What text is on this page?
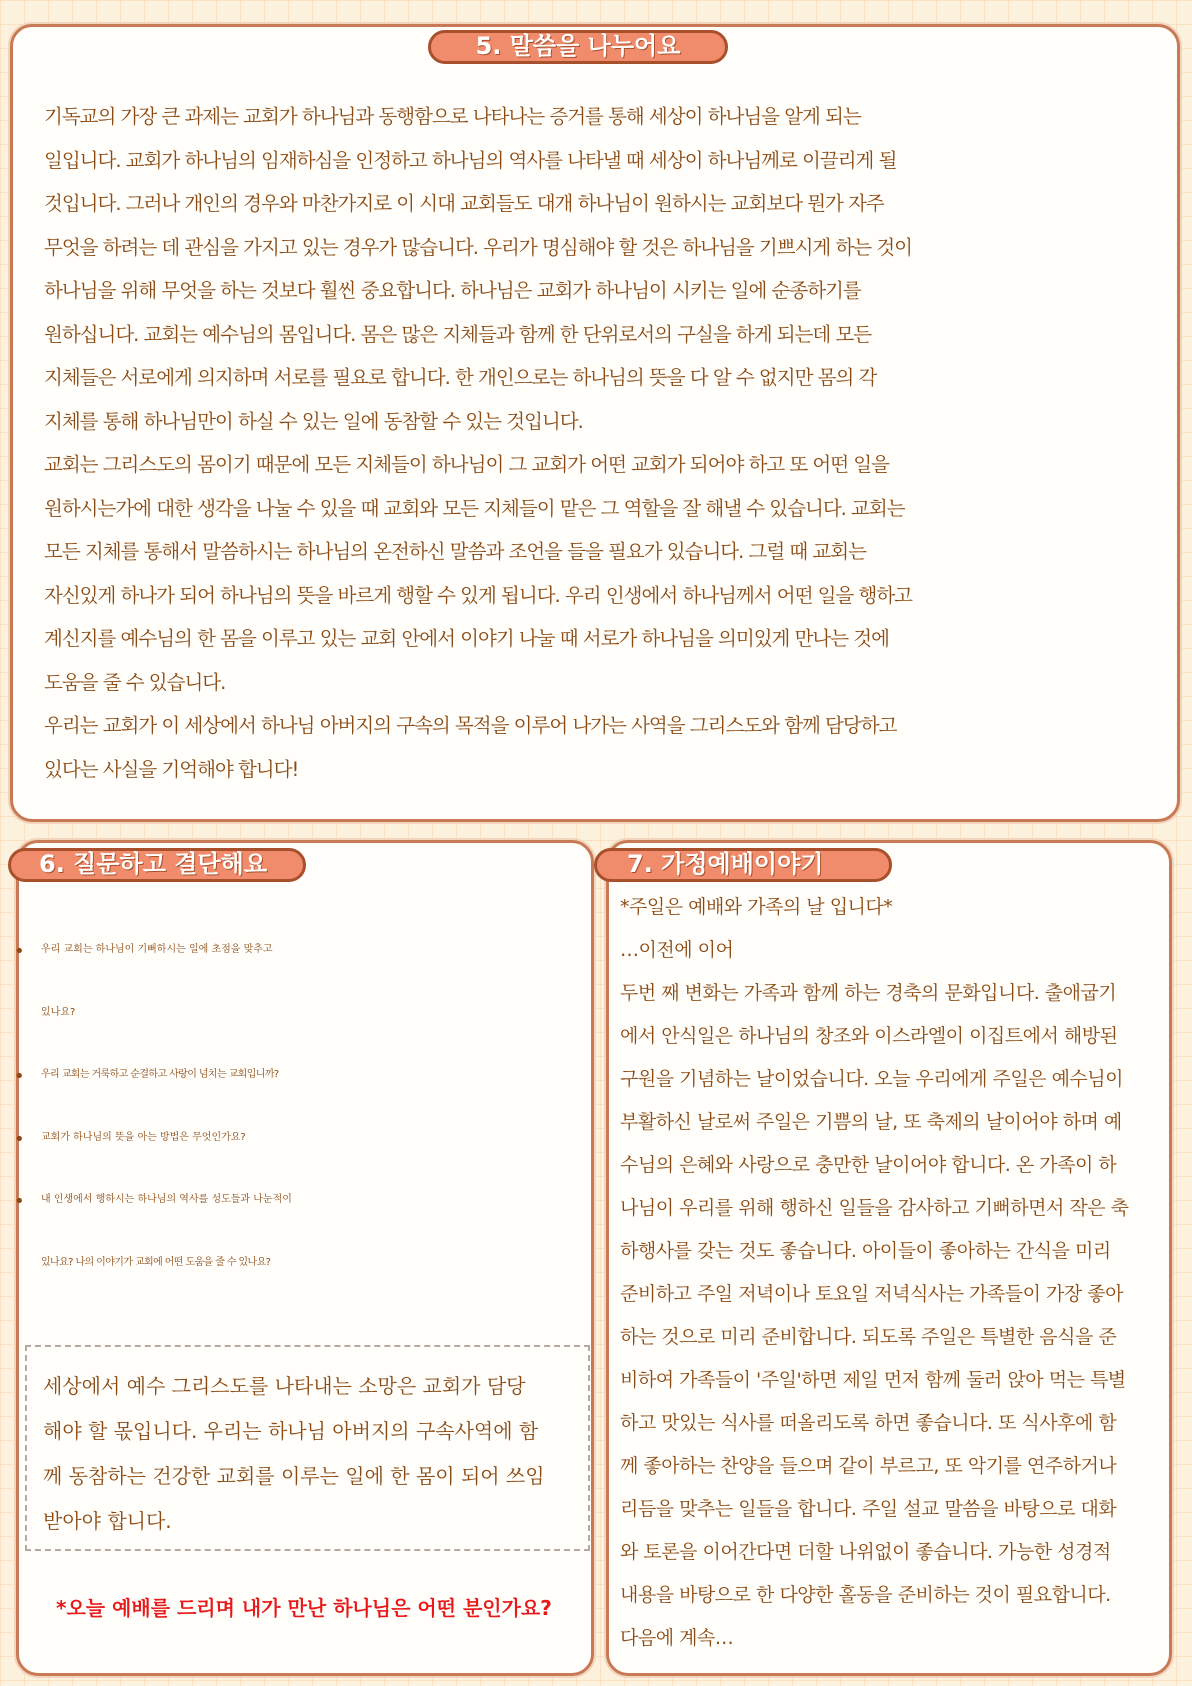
5. 말씀을 나누어요
기독교의 가장 큰 과제는 교회가 하나님과 동행함으로 나타나는 증거를 통해 세상이 하나님을 알게 되는
일입니다. 교회가 하나님의 임재하심을 인정하고 하나님의 역사를 나타낼 때 세상이 하나님께로 이끌리게 될
것입니다. 그러나 개인의 경우와 마찬가지로 이 시대 교회들도 대개 하나님이 원하시는 교회보다 뭔가 자주
무엇을 하려는 데 관심을 가지고 있는 경우가 많습니다. 우리가 명심해야 할 것은 하나님을 기쁘시게 하는 것이
하나님을 위해 무엇을 하는 것보다 훨씬 중요합니다. 하나님은 교회가 하나님이 시키는 일에 순종하기를
원하십니다. 교회는 예수님의 몸입니다. 몸은 많은 지체들과 함께 한 단위로서의 구실을 하게 되는데 모든
지체들은 서로에게 의지하며 서로를 필요로 합니다. 한 개인으로는 하나님의 뜻을 다 알 수 없지만 몸의 각
지체를 통해 하나님만이 하실 수 있는 일에 동참할 수 있는 것입니다.
교회는 그리스도의 몸이기 때문에 모든 지체들이 하나님이 그 교회가 어떤 교회가 되어야 하고 또 어떤 일을
원하시는가에 대한 생각을 나눌 수 있을 때 교회와 모든 지체들이 맡은 그 역할을 잘 해낼 수 있습니다. 교회는
모든 지체를 통해서 말씀하시는 하나님의 온전하신 말씀과 조언을 들을 필요가 있습니다. 그럴 때 교회는
자신있게 하나가 되어 하나님의 뜻을 바르게 행할 수 있게 됩니다. 우리 인생에서 하나님께서 어떤 일을 행하고
계신지를 예수님의 한 몸을 이루고 있는 교회 안에서 이야기 나눌 때 서로가 하나님을 의미있게 만나는 것에
도움을 줄 수 있습니다.
우리는 교회가 이 세상에서 하나님 아버지의 구속의 목적을 이루어 나가는 사역을 그리스도와 함께 담당하고
있다는 사실을 기억해야 합니다!
6. 질문하고 결단해요
• 우리 교회는 하나님이 기뻐하시는 일에 초점을 맞추고
있나요?
• 우리 교회는 거룩하고 순결하고 사랑이 넘치는 교회입니까?
• 교회가 하나님의 뜻을 아는 방법은 무엇인가요?
• 내 인생에서 행하시는 하나님의 역사를 성도들과 나눈적이
있나요? 나의 이야기가 교회에 어떤 도움을 줄 수 있나요?
세상에서 예수 그리스도를 나타내는 소망은 교회가 담당
해야 할 몫입니다. 우리는 하나님 아버지의 구속사역에 함
께 동참하는 건강한 교회를 이루는 일에 한 몸이 되어 쓰임
받아야 합니다.
*오늘 예배를 드리며 내가 만난 하나님은 어떤 분인가요?
7. 가정예배이야기
*주일은 예배와 가족의 날 입니다*
…이전에 이어
두번 째 변화는 가족과 함께 하는 경축의 문화입니다. 출애굽기
에서 안식일은 하나님의 창조와 이스라엘이 이집트에서 해방된
구원을 기념하는 날이었습니다. 오늘 우리에게 주일은 예수님이
부활하신 날로써 주일은 기쁨의 날, 또 축제의 날이어야 하며 예
수님의 은혜와 사랑으로 충만한 날이어야 합니다. 온 가족이 하
나님이 우리를 위해 행하신 일들을 감사하고 기뻐하면서 작은 축
하행사를 갖는 것도 좋습니다. 아이들이 좋아하는 간식을 미리
준비하고 주일 저녁이나 토요일 저녁식사는 가족들이 가장 좋아
하는 것으로 미리 준비합니다. 되도록 주일은 특별한 음식을 준
비하여 가족들이 '주일'하면 제일 먼저 함께 둘러 앉아 먹는 특별
하고 맛있는 식사를 떠올리도록 하면 좋습니다. 또 식사후에 함
께 좋아하는 찬양을 들으며 같이 부르고, 또 악기를 연주하거나
리듬을 맞추는 일들을 합니다. 주일 설교 말씀을 바탕으로 대화
와 토론을 이어간다면 더할 나위없이 좋습니다. 가능한 성경적
내용을 바탕으로 한 다양한 홀동을 준비하는 것이 필요합니다.
다음에 계속…
